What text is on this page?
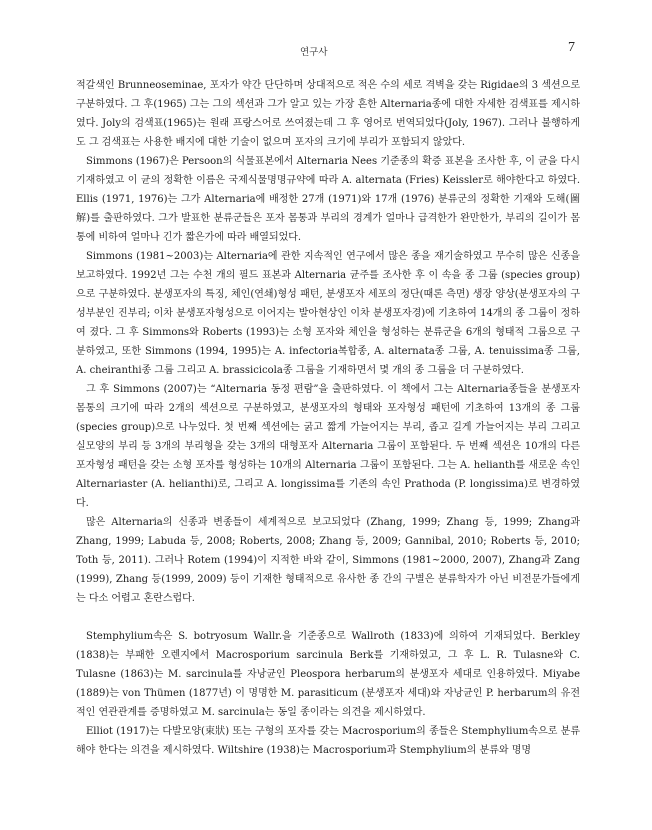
연구사	7

적갈색인 Brunneoseminae, 포자가 약간 단단하며 상대적으로 적은 수의 세로 격벽을 갖는 Rigidae의 3 섹션으로 구분하였다. 그 후(1965) 그는 그의 섹션과 그가 알고 있는 가장 흔한 Alternaria종에 대한 자세한 검색표를 제시하였다. Joly의 검색표(1965)는 원래 프랑스어로 쓰여졌는데 그 후 영어로 번역되었다(Joly, 1967). 그러나 불행하게도 그 검색표는 사용한 배지에 대한 기술이 없으며 포자의 크기에 부리가 포함되지 않았다.

Simmons (1967)은 Persoon의 식물표본에서 Alternaria Nees 기준종의 확증 표본을 조사한 후, 이 균을 다시 기재하였고 이 균의 정확한 이름은 국제식물명명규약에 따라 A. alternata (Fries) Keissler로 해야한다고 하였다. Ellis (1971, 1976)는 그가 Alternaria에 배정한 27개 (1971)와 17개 (1976) 분류군의 정확한 기재와 도해(圖解)를 출판하였다. 그가 발표한 분류군들은 포자 몸통과 부리의 경계가 얼마나 급격한가 완만한가, 부리의 길이가 몸통에 비하여 얼마나 긴가 짧은가에 따라 배열되었다.

Simmons (1981~2003)는 Alternaria에 관한 지속적인 연구에서 많은 종을 재기술하였고 무수히 많은 신종을 보고하였다. 1992년 그는 수천 개의 필드 표본과 Alternaria 균주를 조사한 후 이 속을 종 그룹 (species group)으로 구분하였다. 분생포자의 특징, 체인(연쇄)형성 패턴, 분생포자 세포의 정단(때론 측면) 생장 양상(분생포자의 구성부분인 진부리; 이차 분생포자형성으로 이어지는 발아현상인 이차 분생포자경)에 기초하여 14개의 종 그룹이 정하여 졌다. 그 후 Simmons와 Roberts (1993)는 소형 포자와 체인을 형성하는 분류군을 6개의 형태적 그룹으로 구분하였고, 또한 Simmons (1994, 1995)는 A. infectoria복합종, A. alternata종 그룹, A. tenuissima종 그룹, A. cheiranthi종 그룹 그리고 A. brassicicola종 그룹을 기재하면서 몇 개의 종 그룹을 더 구분하였다.

그 후 Simmons (2007)는 “Alternaria 동정 편람”을 출판하였다. 이 책에서 그는 Alternaria종들을 분생포자 몸통의 크기에 따라 2개의 섹션으로 구분하였고, 분생포자의 형태와 포자형성 패턴에 기초하여 13개의 종 그룹(species group)으로 나누었다. 첫 번째 섹션에는 굵고 짧게 가늘어지는 부리, 좁고 길게 가늘어지는 부리 그리고 실모양의 부리 등 3개의 부리형을 갖는 3개의 대형포자 Alternaria 그룹이 포함된다. 두 번째 섹션은 10개의 다른 포자형성 패턴을 갖는 소형 포자를 형성하는 10개의 Alternaria 그룹이 포함된다. 그는 A. helianth를 새로운 속인 Alternariaster (A. helianthi)로, 그리고 A. longissima를 기존의 속인 Prathoda (P. longissima)로 변경하였다.

많은 Alternaria의 신종과 변종들이 세계적으로 보고되었다 (Zhang, 1999; Zhang 등, 1999; Zhang과 Zhang, 1999; Labuda 등, 2008; Roberts, 2008; Zhang 등, 2009; Gannibal, 2010; Roberts 등, 2010; Toth 등, 2011). 그러나 Rotem (1994)이 지적한 바와 같이, Simmons (1981~2000, 2007), Zhang과 Zang (1999), Zhang 등(1999, 2009) 등이 기재한 형태적으로 유사한 종 간의 구별은 분류학자가 아닌 비전문가들에게는 다소 어렵고 혼란스럽다.

Stemphylium속은 S. botryosum Wallr.을 기준종으로 Wallroth (1833)에 의하여 기재되었다. Berkley (1838)는 부패한 오렌지에서 Macrosporium sarcinula Berk를 기재하였고, 그 후 L. R. Tulasne와 C. Tulasne (1863)는 M. sarcinula를 자낭균인 Pleospora herbarum의 분생포자 세대로 인용하였다. Miyabe (1889)는 von Thümen (1877년) 이 명명한 M. parasiticum (분생포자 세대)와 자낭균인 P. herbarum의 유전적인 연관관계를 증명하였고 M. sarcinula는 동일 종이라는 의견을 제시하였다.

Elliot (1917)는 다발모양(束狀) 또는 구형의 포자를 갖는 Macrosporium의 종들은 Stemphylium속으로 분류해야 한다는 의견을 제시하였다. Wiltshire (1938)는 Macrosporium과 Stemphylium의 분류와 명명
